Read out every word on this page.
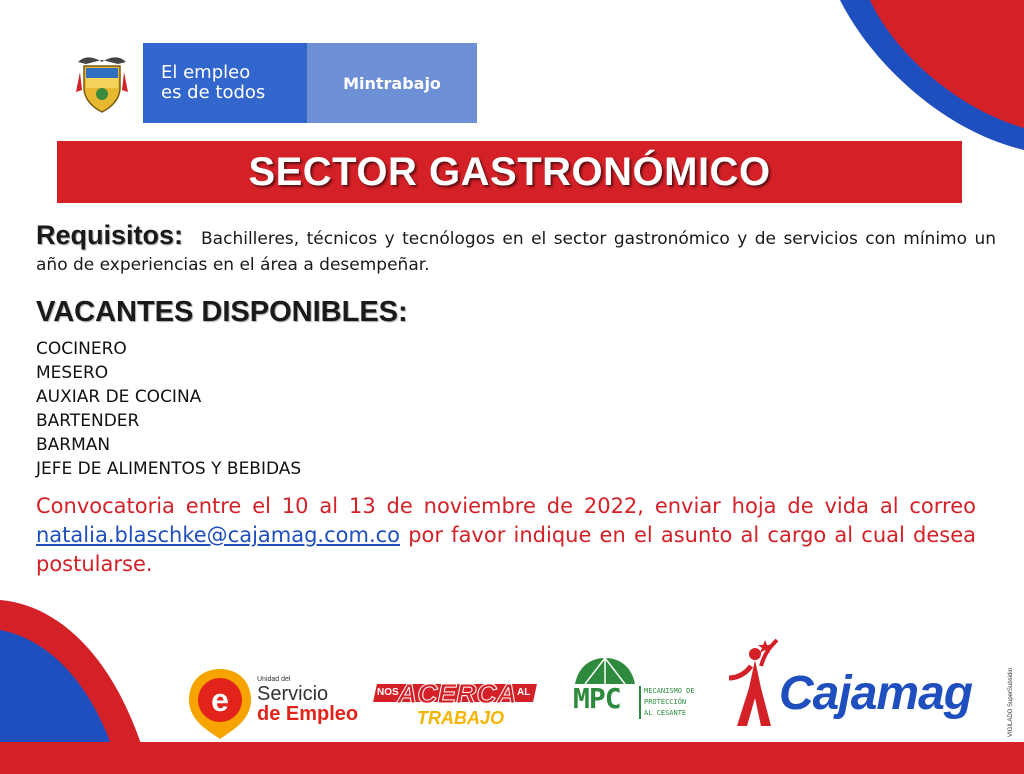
El empleo
es de todos	Mintrabajo
SECTOR GASTRONÓMICO
Requisitos: Bachilleres, técnicos y tecnólogos en el sector gastronómico y de servicios con mínimo un año de experiencias en el área a desempeñar.
VACANTES DISPONIBLES:
COCINERO
MESERO
AUXIAR DE COCINA
BARTENDER
BARMAN
JEFE DE ALIMENTOS Y BEBIDAS
Convocatoria entre el 10 al 13 de noviembre de 2022, enviar hoja de vida al correo natalia.blaschke@cajamag.com.co por favor indique en el asunto al cargo al cual desea postularse.
e
Unidad del
Servicio
de Empleo
NOS
ACERCA AL
TRABAJO
MPC	MECANISMO DE
PROTECCIÓN
AL CESANTE	Cajamag	VIGILADO SuperSubsidio
